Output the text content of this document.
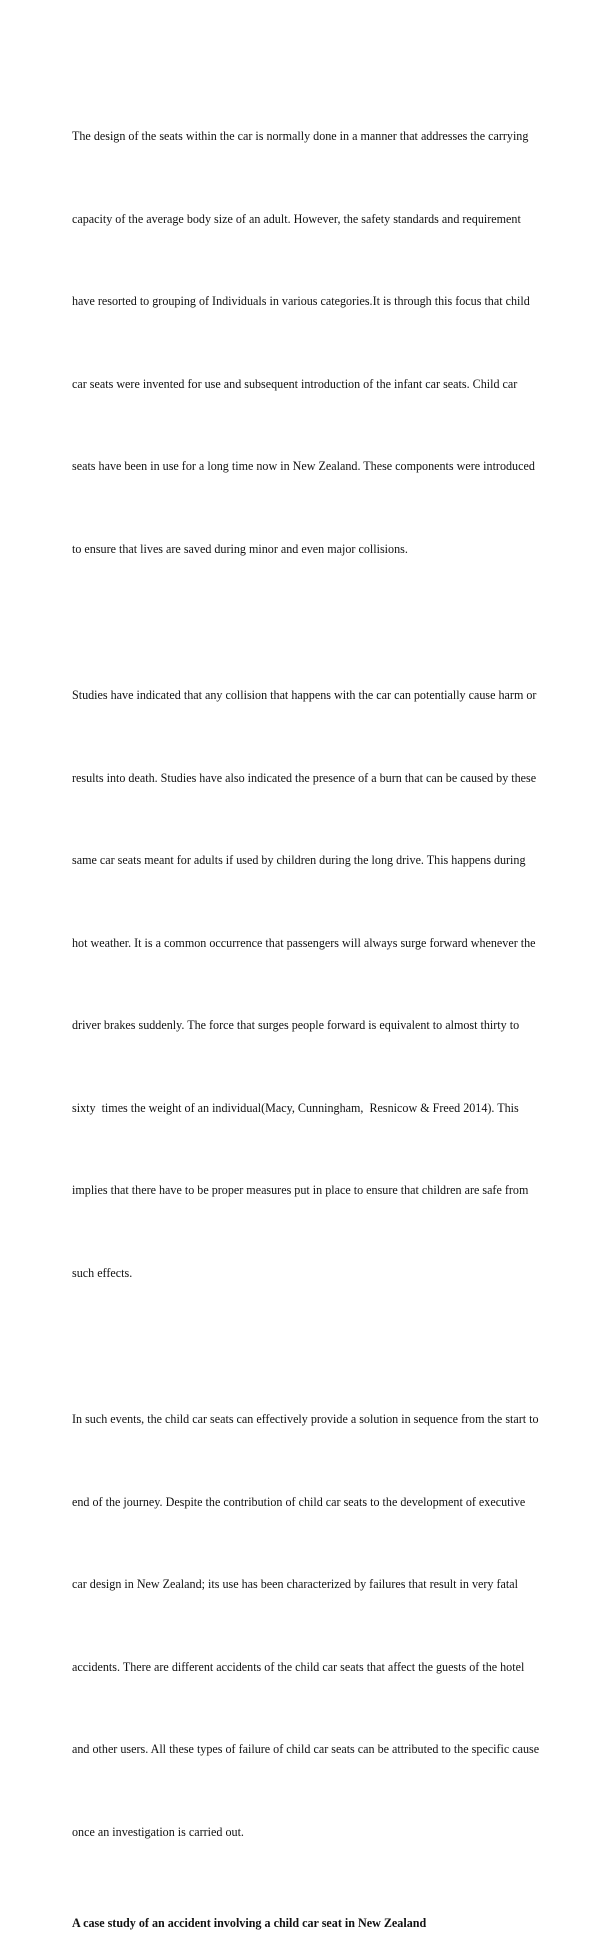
The design of the seats within the car is normally done in a manner that addresses the carrying

capacity of the average body size of an adult. However, the safety standards and requirement

have resorted to grouping of Individuals in various categories.It is through this focus that child

car seats were invented for use and subsequent introduction of the infant car seats. Child car

seats have been in use for a long time now in New Zealand. These components were introduced

to ensure that lives are saved during minor and even major collisions.

Studies have indicated that any collision that happens with the car can potentially cause harm or

results into death. Studies have also indicated the presence of a burn that can be caused by these

same car seats meant for adults if used by children during the long drive. This happens during

hot weather. It is a common occurrence that passengers will always surge forward whenever the

driver brakes suddenly. The force that surges people forward is equivalent to almost thirty to

sixty  times the weight of an individual(Macy, Cunningham,  Resnicow & Freed 2014). This

implies that there have to be proper measures put in place to ensure that children are safe from

such effects.

In such events, the child car seats can effectively provide a solution in sequence from the start to

end of the journey. Despite the contribution of child car seats to the development of executive

car design in New Zealand; its use has been characterized by failures that result in very fatal

accidents. There are different accidents of the child car seats that affect the guests of the hotel

and other users. All these types of failure of child car seats can be attributed to the specific cause

once an investigation is carried out.

A case study of an accident involving a child car seat in New Zealand
